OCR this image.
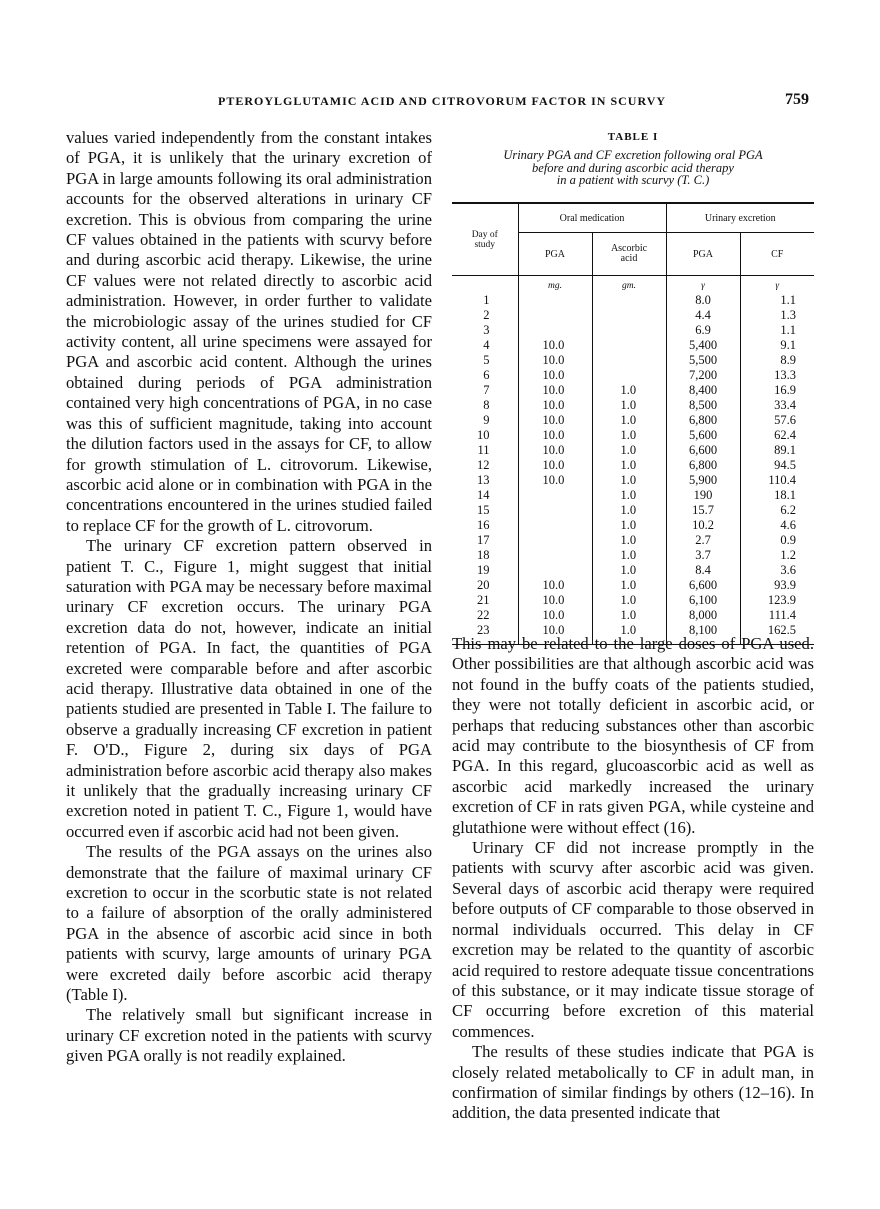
PTEROYLGLUTAMIC ACID AND CITROVORUM FACTOR IN SCURVY	759

values varied independently from the constant intakes of PGA, it is unlikely that the urinary excretion of PGA in large amounts following its oral administration accounts for the observed alterations in urinary CF excretion. This is obvious from comparing the urine CF values obtained in the patients with scurvy before and during ascorbic acid therapy. Likewise, the urine CF values were not related directly to ascorbic acid administration. However, in order further to validate the microbiologic assay of the urines studied for CF activity content, all urine specimens were assayed for PGA and ascorbic acid content. Although the urines obtained during periods of PGA administration contained very high concentrations of PGA, in no case was this of sufficient magnitude, taking into account the dilution factors used in the assays for CF, to allow for growth stimulation of L. citrovorum. Likewise, ascorbic acid alone or in combination with PGA in the concentrations encountered in the urines studied failed to replace CF for the growth of L. citrovorum.

The urinary CF excretion pattern observed in patient T. C., Figure 1, might suggest that initial saturation with PGA may be necessary before maximal urinary CF excretion occurs. The urinary PGA excretion data do not, however, indicate an initial retention of PGA. In fact, the quantities of PGA excreted were comparable before and after ascorbic acid therapy. Illustrative data obtained in one of the patients studied are presented in Table I. The failure to observe a gradually increasing CF excretion in patient F. O'D., Figure 2, during six days of PGA administration before ascorbic acid therapy also makes it unlikely that the gradually increasing urinary CF excretion noted in patient T. C., Figure 1, would have occurred even if ascorbic acid had not been given.

The results of the PGA assays on the urines also demonstrate that the failure of maximal urinary CF excretion to occur in the scorbutic state is not related to a failure of absorption of the orally administered PGA in the absence of ascorbic acid since in both patients with scurvy, large amounts of urinary PGA were excreted daily before ascorbic acid therapy (Table I).

The relatively small but significant increase in urinary CF excretion noted in the patients with scurvy given PGA orally is not readily explained.

TABLE I
Urinary PGA and CF excretion following oral PGA
before and during ascorbic acid therapy
in a patient with scurvy (T. C.)
Day of
study	Oral medication		Urinary excretion	
	PGA	Ascorbic
acid	PGA	CF
	mg.	gm.	γ	γ
1			8.0	1.1
2			4.4	1.3
3			6.9	1.1
4	10.0		5,400	9.1
5	10.0		5,500	8.9
6	10.0		7,200	13.3
7	10.0	1.0	8,400	16.9
8	10.0	1.0	8,500	33.4
9	10.0	1.0	6,800	57.6
10	10.0	1.0	5,600	62.4
11	10.0	1.0	6,600	89.1
12	10.0	1.0	6,800	94.5
13	10.0	1.0	5,900	110.4
14		1.0	190	18.1
15		1.0	15.7	6.2
16		1.0	10.2	4.6
17		1.0	2.7	0.9
18		1.0	3.7	1.2
19		1.0	8.4	3.6
20	10.0	1.0	6,600	93.9
21	10.0	1.0	6,100	123.9
22	10.0	1.0	8,000	111.4
23	10.0	1.0	8,100	162.5

This may be related to the large doses of PGA used. Other possibilities are that although ascorbic acid was not found in the buffy coats of the patients studied, they were not totally deficient in ascorbic acid, or perhaps that reducing substances other than ascorbic acid may contribute to the biosynthesis of CF from PGA. In this regard, glucoascorbic acid as well as ascorbic acid markedly increased the urinary excretion of CF in rats given PGA, while cysteine and glutathione were without effect (16).

Urinary CF did not increase promptly in the patients with scurvy after ascorbic acid was given. Several days of ascorbic acid therapy were required before outputs of CF comparable to those observed in normal individuals occurred. This delay in CF excretion may be related to the quantity of ascorbic acid required to restore adequate tissue concentrations of this substance, or it may indicate tissue storage of CF occurring before excretion of this material commences.

The results of these studies indicate that PGA is closely related metabolically to CF in adult man, in confirmation of similar findings by others (12–16). In addition, the data presented indicate that
